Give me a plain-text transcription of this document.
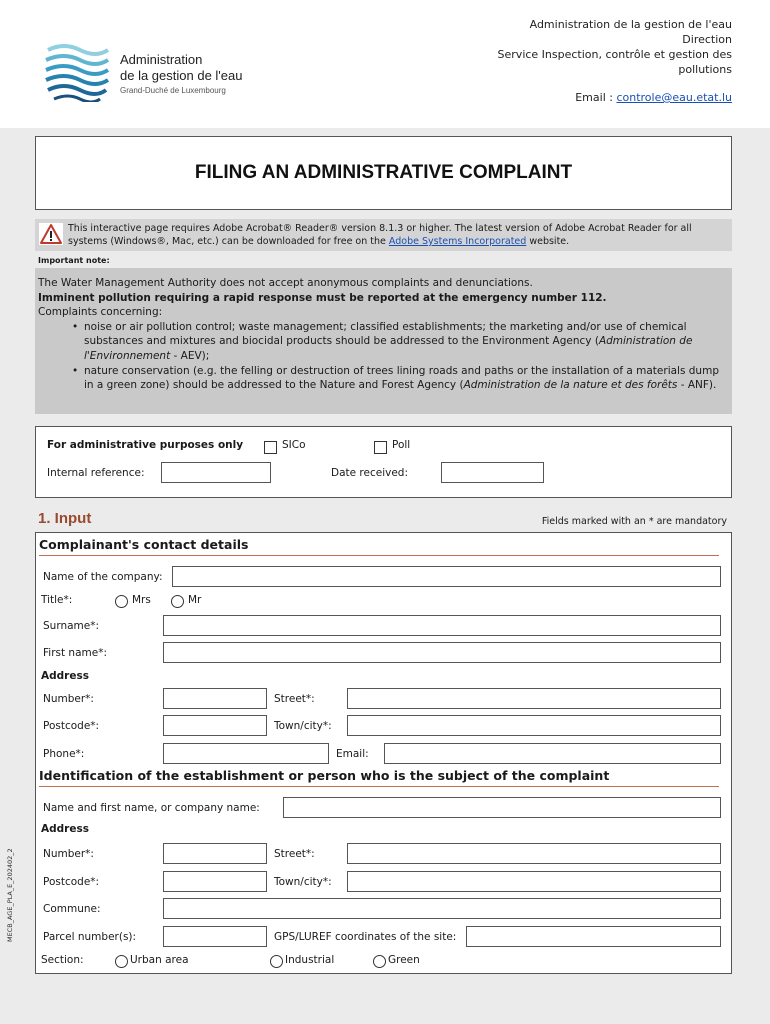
Administration
de la gestion de l'eau
Grand-Duché de Luxembourg
Administration de la gestion de l'eau
Direction
Service Inspection, contrôle et gestion des
pollutions
Email : controle@eau.etat.lu
FILING AN ADMINISTRATIVE COMPLAINT
This interactive page requires Adobe Acrobat® Reader® version 8.1.3 or higher. The latest version of Adobe Acrobat Reader for all systems (Windows®, Mac, etc.) can be downloaded for free on the Adobe Systems Incorporated website.
Important note:
The Water Management Authority does not accept anonymous complaints and denunciations.
Imminent pollution requiring a rapid response must be reported at the emergency number 112.
Complaints concerning:
• noise or air pollution control; waste management; classified establishments; the marketing and/or use of chemical substances and mixtures and biocidal products should be addressed to the Environment Agency (Administration de l'Environnement - AEV);
• nature conservation (e.g. the felling or destruction of trees lining roads and paths or the installation of a materials dump in a green zone) should be addressed to the Nature and Forest Agency (Administration de la nature et des forêts - ANF).
For administrative purposes only	SICo	Poll
Internal reference:	Date received:
1. Input	Fields marked with an * are mandatory
Complainant's contact details
Name of the company:
Title*:	Mrs	Mr
Surname*:
First name*:
Address
Number*:	Street*:
Postcode*:	Town/city*:
Phone*:	Email:
Identification of the establishment or person who is the subject of the complaint
Name and first name, or company name:
Address
Number*:	Street*:
Postcode*:	Town/city*:
Commune:
Parcel number(s):	GPS/LUREF coordinates of the site:
Section:	Urban area	Industrial	Green
MECB_AGE_PLA_E_202402_2
